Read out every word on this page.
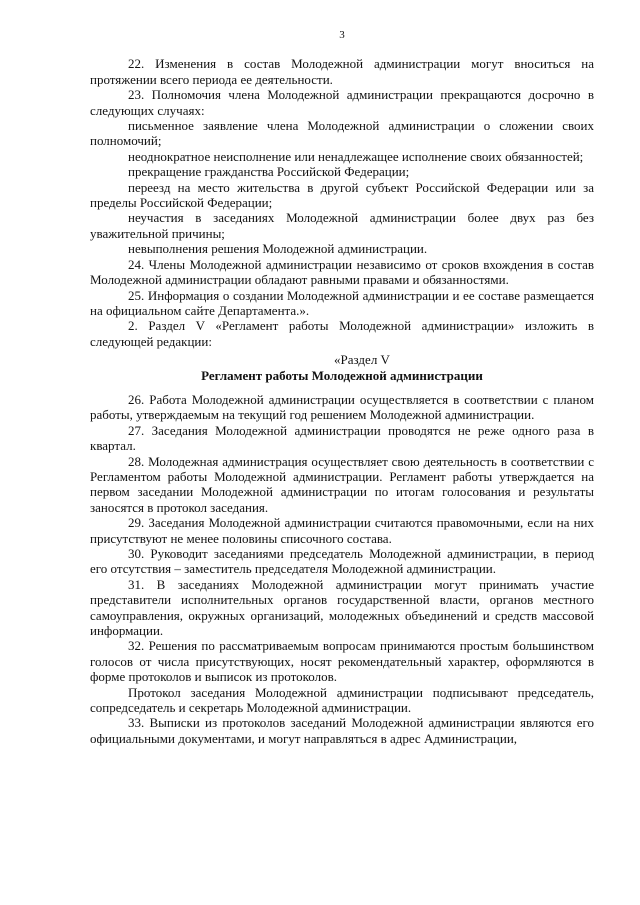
3

22. Изменения в состав Молодежной администрации могут вноситься на протяжении всего периода ее деятельности.

23. Полномочия члена Молодежной администрации прекращаются досрочно в следующих случаях:

письменное заявление члена Молодежной администрации о сложении своих полномочий;

неоднократное неисполнение или ненадлежащее исполнение своих обязанностей;

прекращение гражданства Российской Федерации;

переезд на место жительства в другой субъект Российской Федерации или за пределы Российской Федерации;

неучастия в заседаниях Молодежной администрации более двух раз без уважительной причины;

невыполнения решения Молодежной администрации.

24. Члены Молодежной администрации независимо от сроков вхождения в состав Молодежной администрации обладают равными правами и обязанностями.

25. Информация о создании Молодежной администрации и ее составе размещается на официальном сайте Департамента.».

2. Раздел V «Регламент работы Молодежной администрации» изложить в следующей редакции:

«Раздел V

Регламент работы Молодежной администрации

26. Работа Молодежной администрации осуществляется в соответствии с планом работы, утверждаемым на текущий год решением Молодежной администрации.

27. Заседания Молодежной администрации проводятся не реже одного раза в квартал.

28. Молодежная администрация осуществляет свою деятельность в соответствии с Регламентом работы Молодежной администрации. Регламент работы утверждается на первом заседании Молодежной администрации по итогам голосования и результаты заносятся в протокол заседания.

29. Заседания Молодежной администрации считаются правомочными, если на них присутствуют не менее половины списочного состава.

30. Руководит заседаниями председатель Молодежной администрации, в период его отсутствия – заместитель председателя Молодежной администрации.

31. В заседаниях Молодежной администрации могут принимать участие представители исполнительных органов государственной власти, органов местного самоуправления, окружных организаций, молодежных объединений и средств массовой информации.

32. Решения по рассматриваемым вопросам принимаются простым большинством голосов от числа присутствующих, носят рекомендательный характер, оформляются в форме протоколов и выписок из протоколов.

Протокол заседания Молодежной администрации подписывают председатель, сопредседатель и секретарь Молодежной администрации.

33. Выписки из протоколов заседаний Молодежной администрации являются его официальными документами, и могут направляться в адрес Администрации,
